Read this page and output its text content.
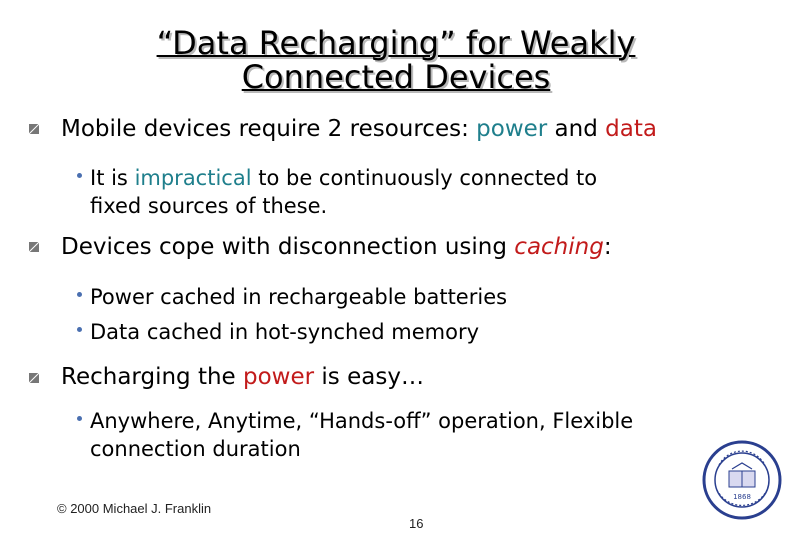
“Data Recharging” for Weakly
Connected Devices
Mobile devices require 2 resources: power and data
It is impractical to be continuously connected to
fixed sources of these.
Devices cope with disconnection using caching:
Power cached in rechargeable batteries
Data cached in hot-synched memory
Recharging the power is easy…
Anywhere, Anytime, “Hands-off” operation, Flexible
connection duration
© 2000 Michael J. Franklin
16
1868
